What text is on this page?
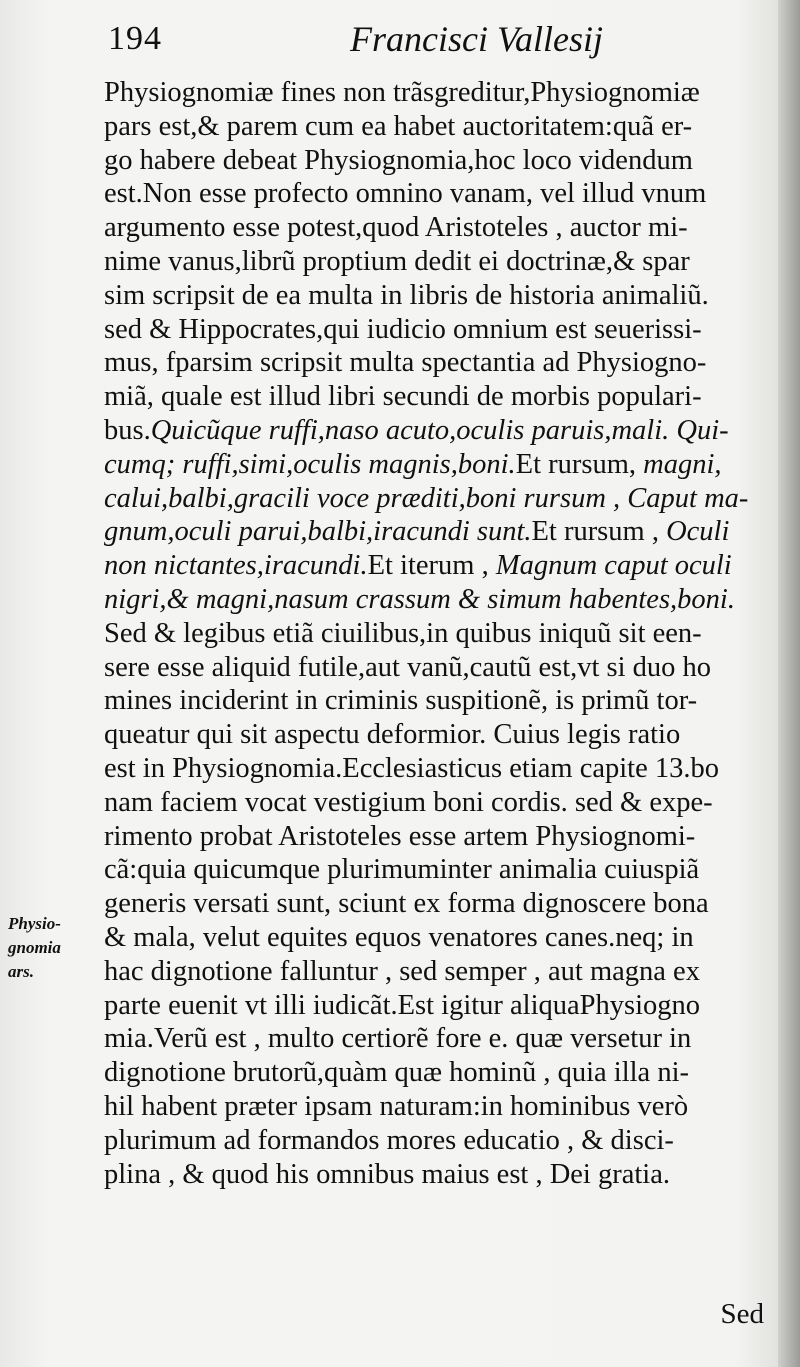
194	Francisci Vallesij
Physio-
gnomia
ars.
Physiognomiæ fines non trãsgreditur,Physiognomiæ
pars est,& parem cum ea habet auctoritatem:quã er-
go habere debeat Physiognomia,hoc loco videndum
est.Non esse profecto omnino vanam, vel illud vnum
argumento esse potest,quod Aristoteles , auctor mi-
nime vanus,librũ proptium dedit ei doctrinæ,& spar
sim scripsit de ea multa in libris de historia animaliũ.
sed & Hippocrates,qui iudicio omnium est seuerissi-
mus, fparsim scripsit multa spectantia ad Physiogno-
miã, quale est illud libri secundi de morbis populari-
bus.Quicũque ruffi,naso acuto,oculis paruis,mali. Qui-
cumq; ruffi,simi,oculis magnis,boni.Et rursum, magni,
calui,balbi,gracili voce præditi,boni rursum , Caput ma-
gnum,oculi parui,balbi,iracundi sunt.Et rursum , Oculi
non nictantes,iracundi.Et iterum , Magnum caput oculi
nigri,& magni,nasum crassum & simum habentes,boni.
Sed & legibus etiã ciuilibus,in quibus iniquũ sit een-
sere esse aliquid futile,aut vanũ,cautũ est,vt si duo ho
mines inciderint in criminis suspitionẽ, is primũ tor-
queatur qui sit aspectu deformior. Cuius legis ratio
est in Physiognomia.Ecclesiasticus etiam capite 13.bo
nam faciem vocat vestigium boni cordis. sed & expe-
rimento probat Aristoteles esse artem Physiognomi-
cã:quia quicumque plurimuminter animalia cuiuspiã
generis versati sunt, sciunt ex forma dignoscere bona
& mala, velut equites equos venatores canes.neq; in
hac dignotione falluntur , sed semper , aut magna ex
parte euenit vt illi iudicãt.Est igitur aliquaPhysiogno
mia.Verũ est , multo certiorẽ fore e. quæ versetur in
dignotione brutorũ,quàm quæ hominũ , quia illa ni-
hil habent præter ipsam naturam:in hominibus verò
plurimum ad formandos mores educatio , & disci-
plina , & quod his omnibus maius est , Dei gratia.
Sed
